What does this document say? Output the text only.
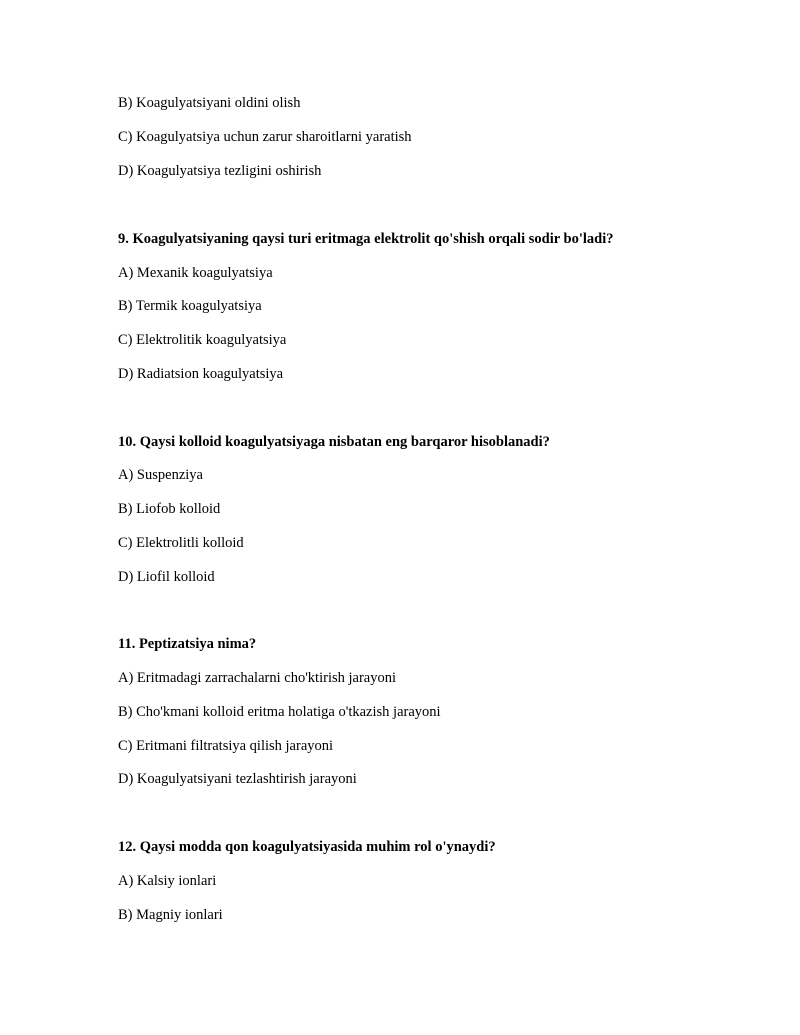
B) Koagulyatsiyani oldini olish
C) Koagulyatsiya uchun zarur sharoitlarni yaratish
D) Koagulyatsiya tezligini oshirish
9. Koagulyatsiyaning qaysi turi eritmaga elektrolit qo'shish orqali sodir bo'ladi?
A) Mexanik koagulyatsiya
B) Termik koagulyatsiya
C) Elektrolitik koagulyatsiya
D) Radiatsion koagulyatsiya
10. Qaysi kolloid koagulyatsiyaga nisbatan eng barqaror hisoblanadi?
A) Suspenziya
B) Liofob kolloid
C) Elektrolitli kolloid
D) Liofil kolloid
11. Peptizatsiya nima?
A) Eritmadagi zarrachalarni cho'ktirish jarayoni
B) Cho'kmani kolloid eritma holatiga o'tkazish jarayoni
C) Eritmani filtratsiya qilish jarayoni
D) Koagulyatsiyani tezlashtirish jarayoni
12. Qaysi modda qon koagulyatsiyasida muhim rol o'ynaydi?
A) Kalsiy ionlari
B) Magniy ionlari
